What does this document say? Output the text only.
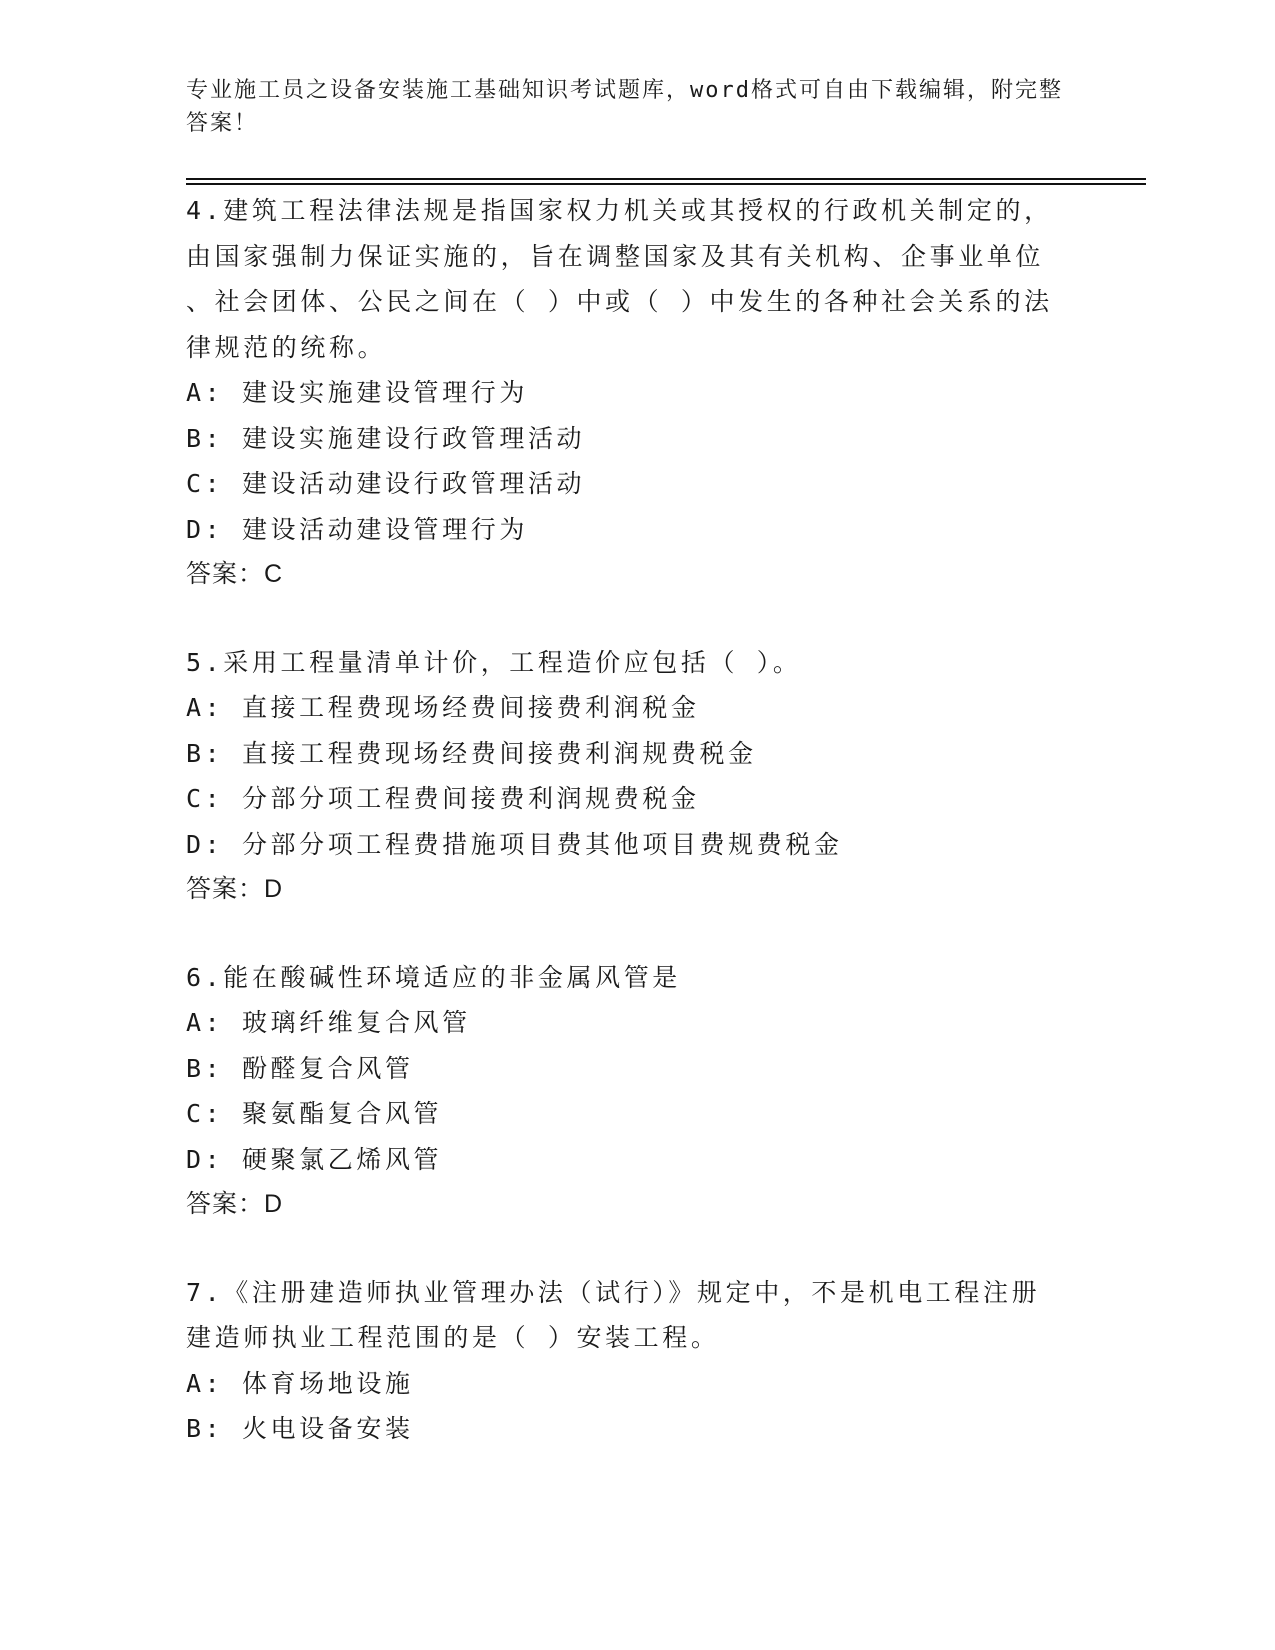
专业施工员之设备安装施工基础知识考试题库，word格式可自由下载编辑，附完整答案！

4.建筑工程法律法规是指国家权力机关或其授权的行政机关制定的，

由国家强制力保证实施的，旨在调整国家及其有关机构、企事业单位

、社会团体、公民之间在（ ）中或（ ）中发生的各种社会关系的法

律规范的统称。

A: 建设实施建设管理行为

B: 建设实施建设行政管理活动

C: 建设活动建设行政管理活动

D: 建设活动建设管理行为

答案：C

5.采用工程量清单计价，工程造价应包括（ ）。

A: 直接工程费现场经费间接费利润税金

B: 直接工程费现场经费间接费利润规费税金

C: 分部分项工程费间接费利润规费税金

D: 分部分项工程费措施项目费其他项目费规费税金

答案：D

6.能在酸碱性环境适应的非金属风管是

A: 玻璃纤维复合风管

B: 酚醛复合风管

C: 聚氨酯复合风管

D: 硬聚氯乙烯风管

答案：D

7.《注册建造师执业管理办法（试行）》规定中，不是机电工程注册

建造师执业工程范围的是（ ）安装工程。

A: 体育场地设施

B: 火电设备安装
